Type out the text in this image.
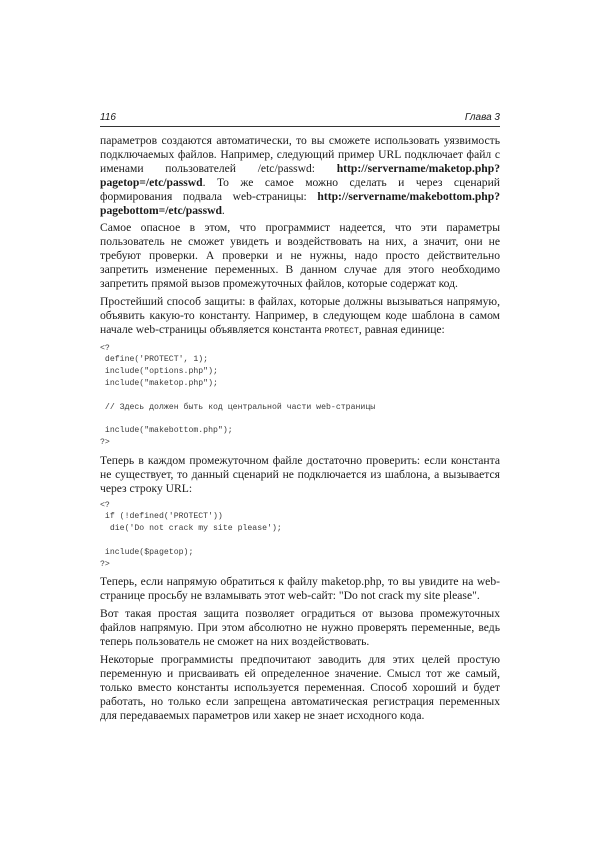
116	Глава 3

параметров создаются автоматически, то вы сможете использовать уязвимость подключаемых файлов. Например, следующий пример URL подключает файл с именами пользователей /etc/passwd: http://servername/maketop.php?pagetop=/etc/passwd. То же самое можно сделать и через сценарий формирования подвала web-страницы: http://servername/makebottom.php?pagebottom=/etc/passwd.

Самое опасное в этом, что программист надеется, что эти параметры пользователь не сможет увидеть и воздействовать на них, а значит, они не требуют проверки. А проверки и не нужны, надо просто действительно запретить изменение переменных. В данном случае для этого необходимо запретить прямой вызов промежуточных файлов, которые содержат код.

Простейший способ защиты: в файлах, которые должны вызываться напрямую, объявить какую-то константу. Например, в следующем коде шаблона в самом начале web-страницы объявляется константа PROTECT, равная единице:

<?
define('PROTECT', 1);
include("options.php");
include("maketop.php");
// Здесь должен быть код центральной части web-страницы
include("makebottom.php");
?>

Теперь в каждом промежуточном файле достаточно проверить: если константа не существует, то данный сценарий не подключается из шаблона, а вызывается через строку URL:

<?
if (!defined('PROTECT'))
die('Do not crack my site please');
include($pagetop);
?>

Теперь, если напрямую обратиться к файлу maketop.php, то вы увидите на web-странице просьбу не взламывать этот web-сайт: "Do not crack my site please".

Вот такая простая защита позволяет оградиться от вызова промежуточных файлов напрямую. При этом абсолютно не нужно проверять переменные, ведь теперь пользователь не сможет на них воздействовать.

Некоторые программисты предпочитают заводить для этих целей простую переменную и присваивать ей определенное значение. Смысл тот же самый, только вместо константы используется переменная. Способ хороший и будет работать, но только если запрещена автоматическая регистрация переменных для передаваемых параметров или хакер не знает исходного кода.
